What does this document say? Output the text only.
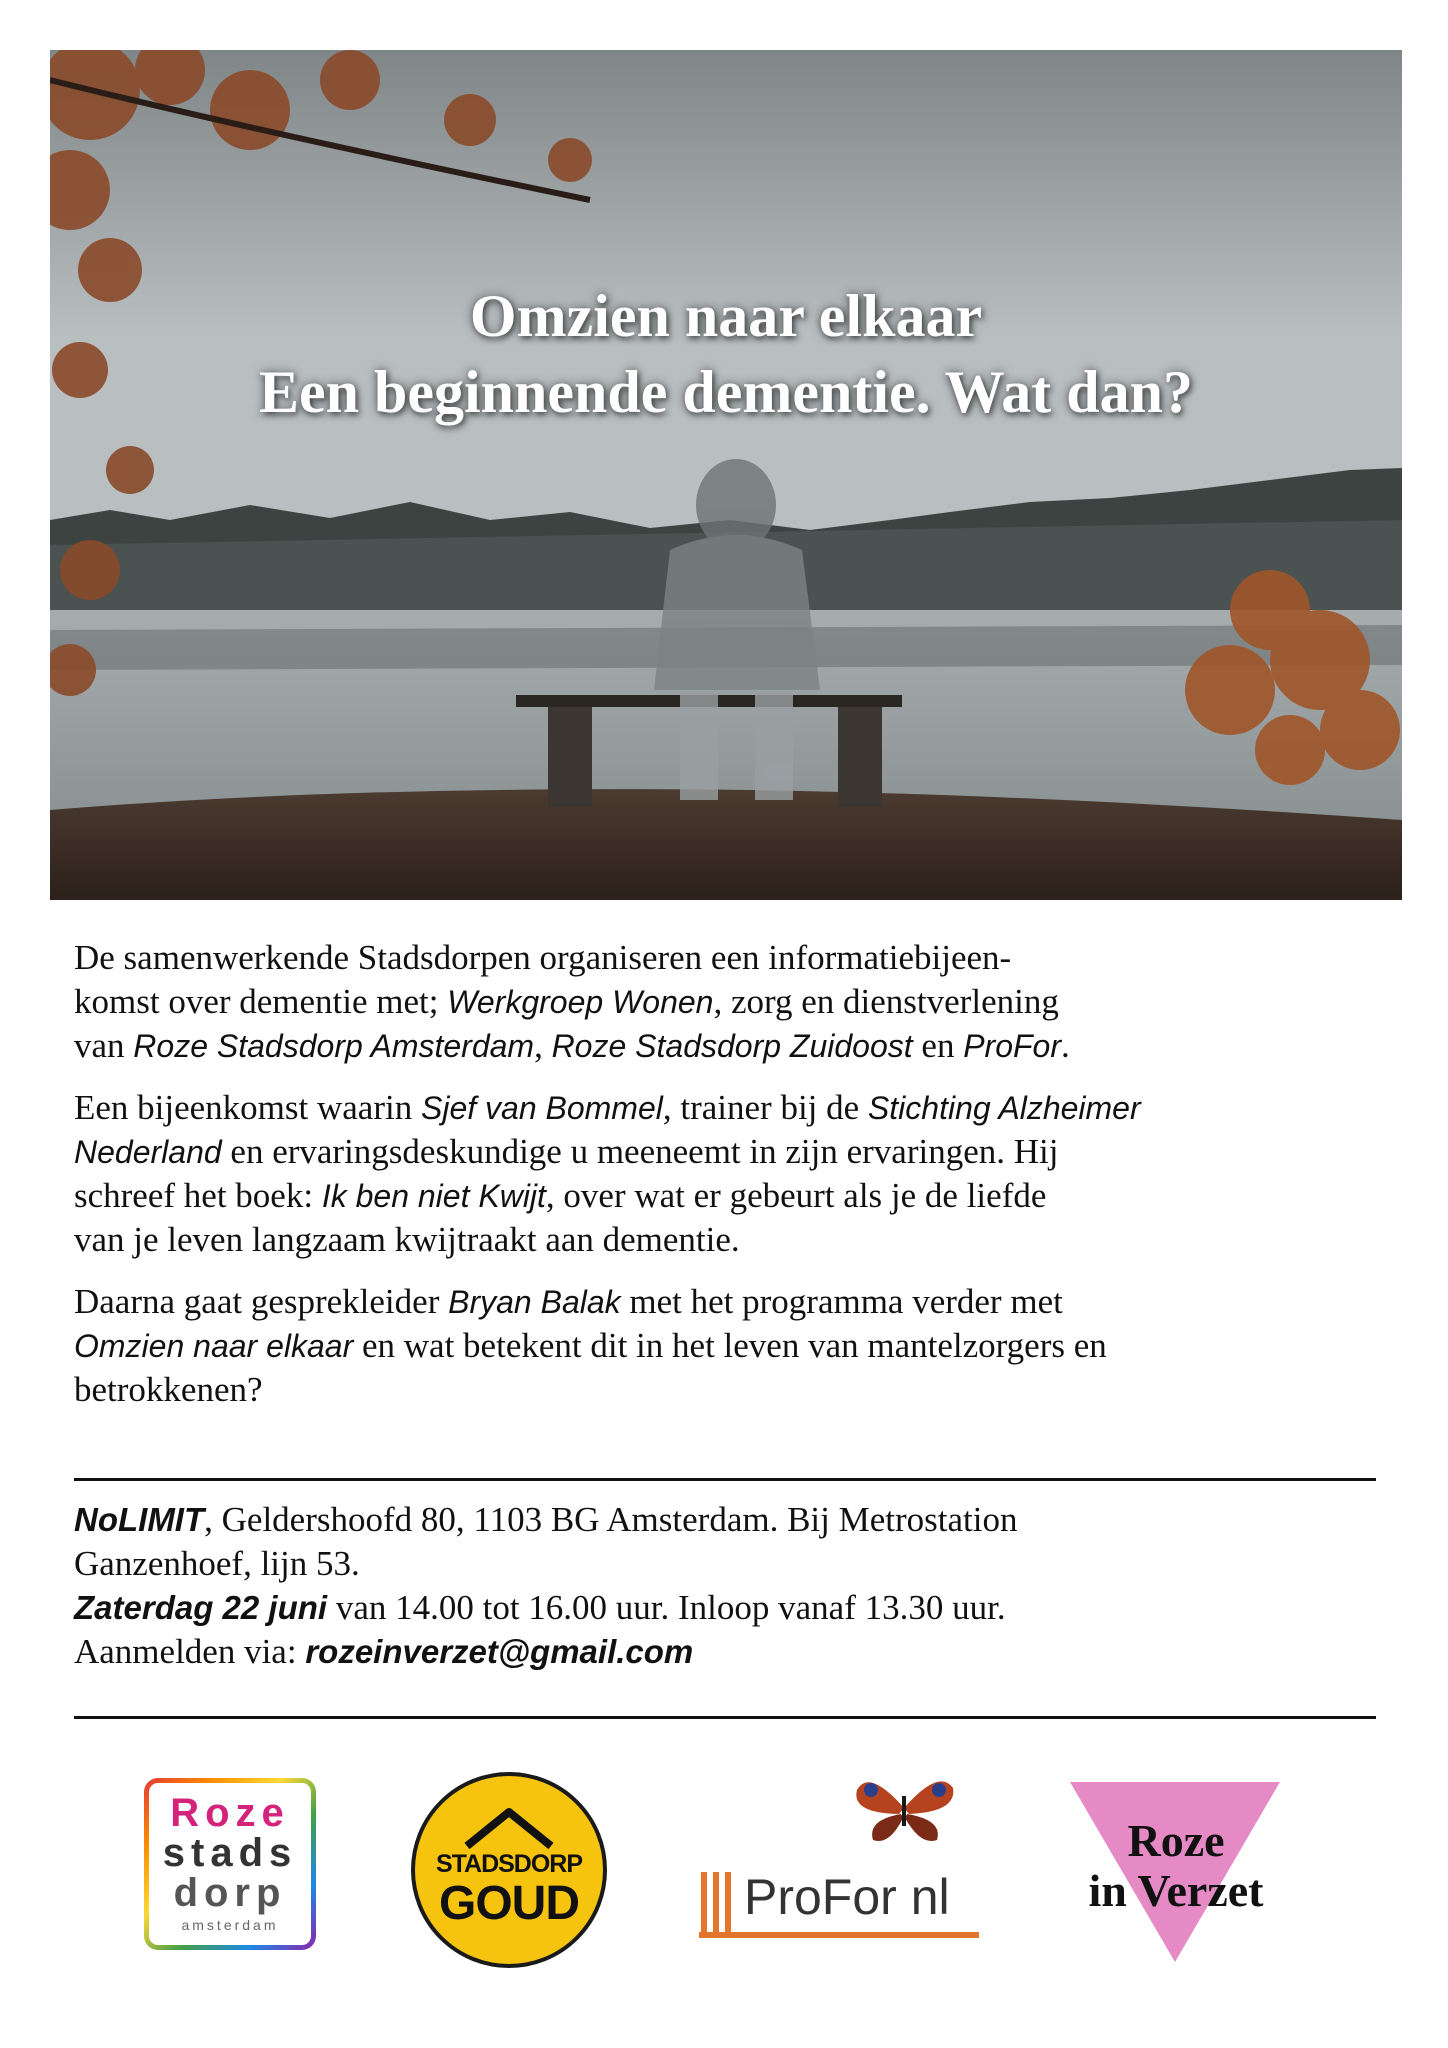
Omzien naar elkaar
Een beginnende dementie. Wat dan?

De samenwerkende Stadsdorpen organiseren een informatiebijeen-
komst over dementie met; Werkgroep Wonen, zorg en dienstverlening
van Roze Stadsdorp Amsterdam, Roze Stadsdorp Zuidoost en ProFor.

Een bijeenkomst waarin Sjef van Bommel, trainer bij de Stichting Alzheimer
Nederland en ervaringsdeskundige u meeneemt in zijn ervaringen. Hij
schreef het boek: Ik ben niet Kwijt, over wat er gebeurt als je de liefde
van je leven langzaam kwijtraakt aan dementie.

Daarna gaat gesprekleider Bryan Balak met het programma verder met
Omzien naar elkaar en wat betekent dit in het leven van mantelzorgers en
betrokkenen?

NoLIMIT, Geldershoofd 80, 1103 BG Amsterdam. Bij Metrostation
Ganzenhoef, lijn 53.
Zaterdag 22 juni van 14.00 tot 16.00 uur. Inloop vanaf 13.30 uur.
Aanmelden via: rozeinverzet@gmail.com
Roze
stads
dorp
amsterdam
STADSDORP
GOUD	ProFor nl
Roze
in Verzet
